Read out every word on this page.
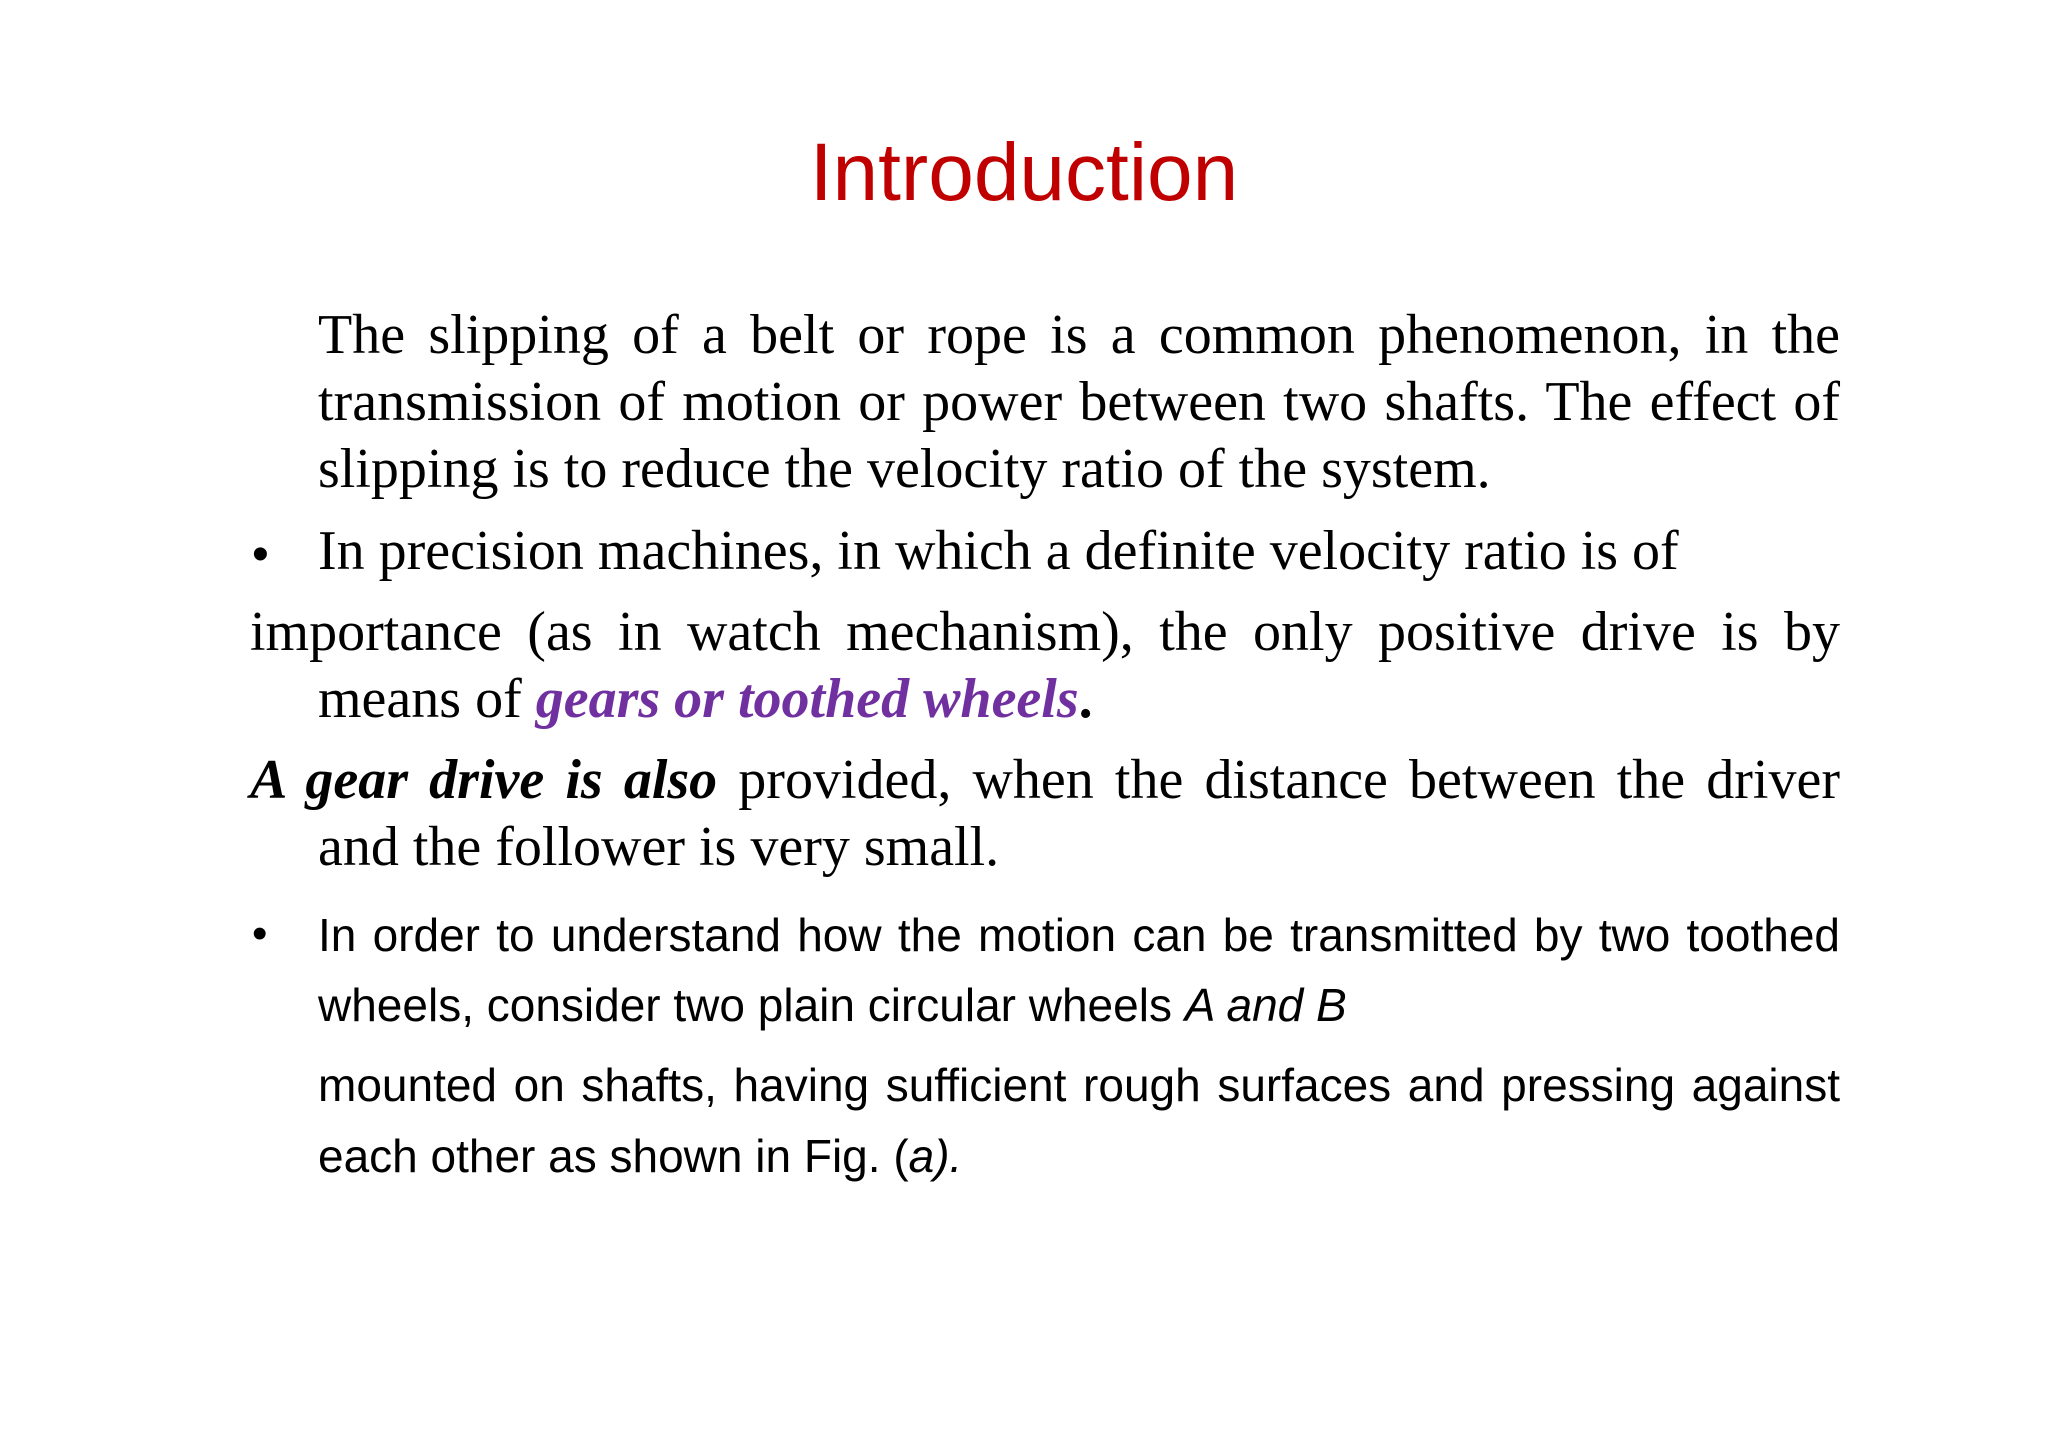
Introduction

The slipping of a belt or rope is a common phenomenon, in the transmission of motion or power between two shafts. The effect of slipping is to reduce the velocity ratio of the system.

• In precision machines, in which a definite velocity ratio is of
importance (as in watch mechanism), the only positive drive is by means of gears or toothed wheels.

A gear drive is also provided, when the distance between the driver and the follower is very small.

• In order to understand how the motion can be transmitted by two toothed wheels, consider two plain circular wheels A and B
mounted on shafts, having sufficient rough surfaces and pressing against each other as shown in Fig. (a).
